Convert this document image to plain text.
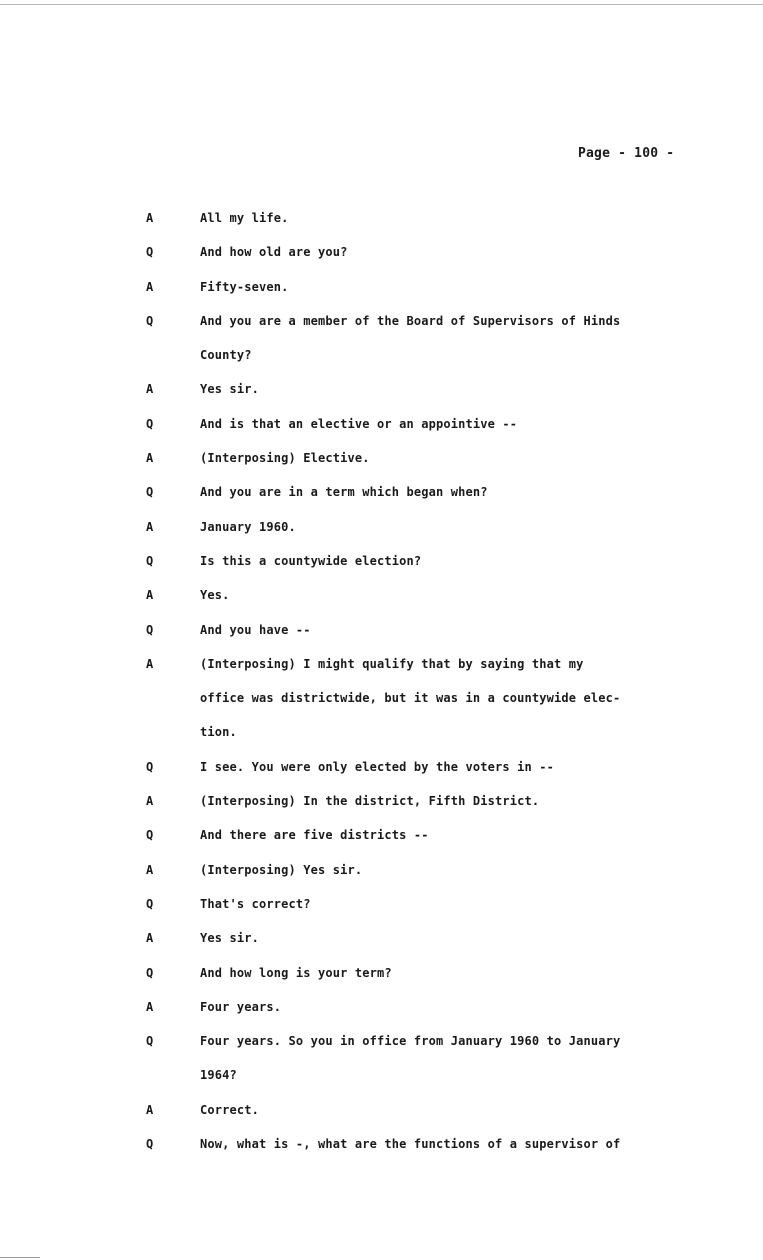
Page - 100 -
A	All my life.
Q	And how old are you?
A	Fifty-seven.
Q	And you are a member of the Board of Supervisors of Hinds
County?
A	Yes sir.
Q	And is that an elective or an appointive --
A	(Interposing) Elective.
Q	And you are in a term which began when?
A	January 1960.
Q	Is this a countywide election?
A	Yes.
Q	And you have --
A	(Interposing) I might qualify that by saying that my
office was districtwide, but it was in a countywide elec-
tion.
Q	I see. You were only elected by the voters in --
A	(Interposing) In the district, Fifth District.
Q	And there are five districts --
A	(Interposing) Yes sir.
Q	That's correct?
A	Yes sir.
Q	And how long is your term?
A	Four years.
Q	Four years. So you in office from January 1960 to January
1964?
A	Correct.
Q	Now, what is -, what are the functions of a supervisor of
